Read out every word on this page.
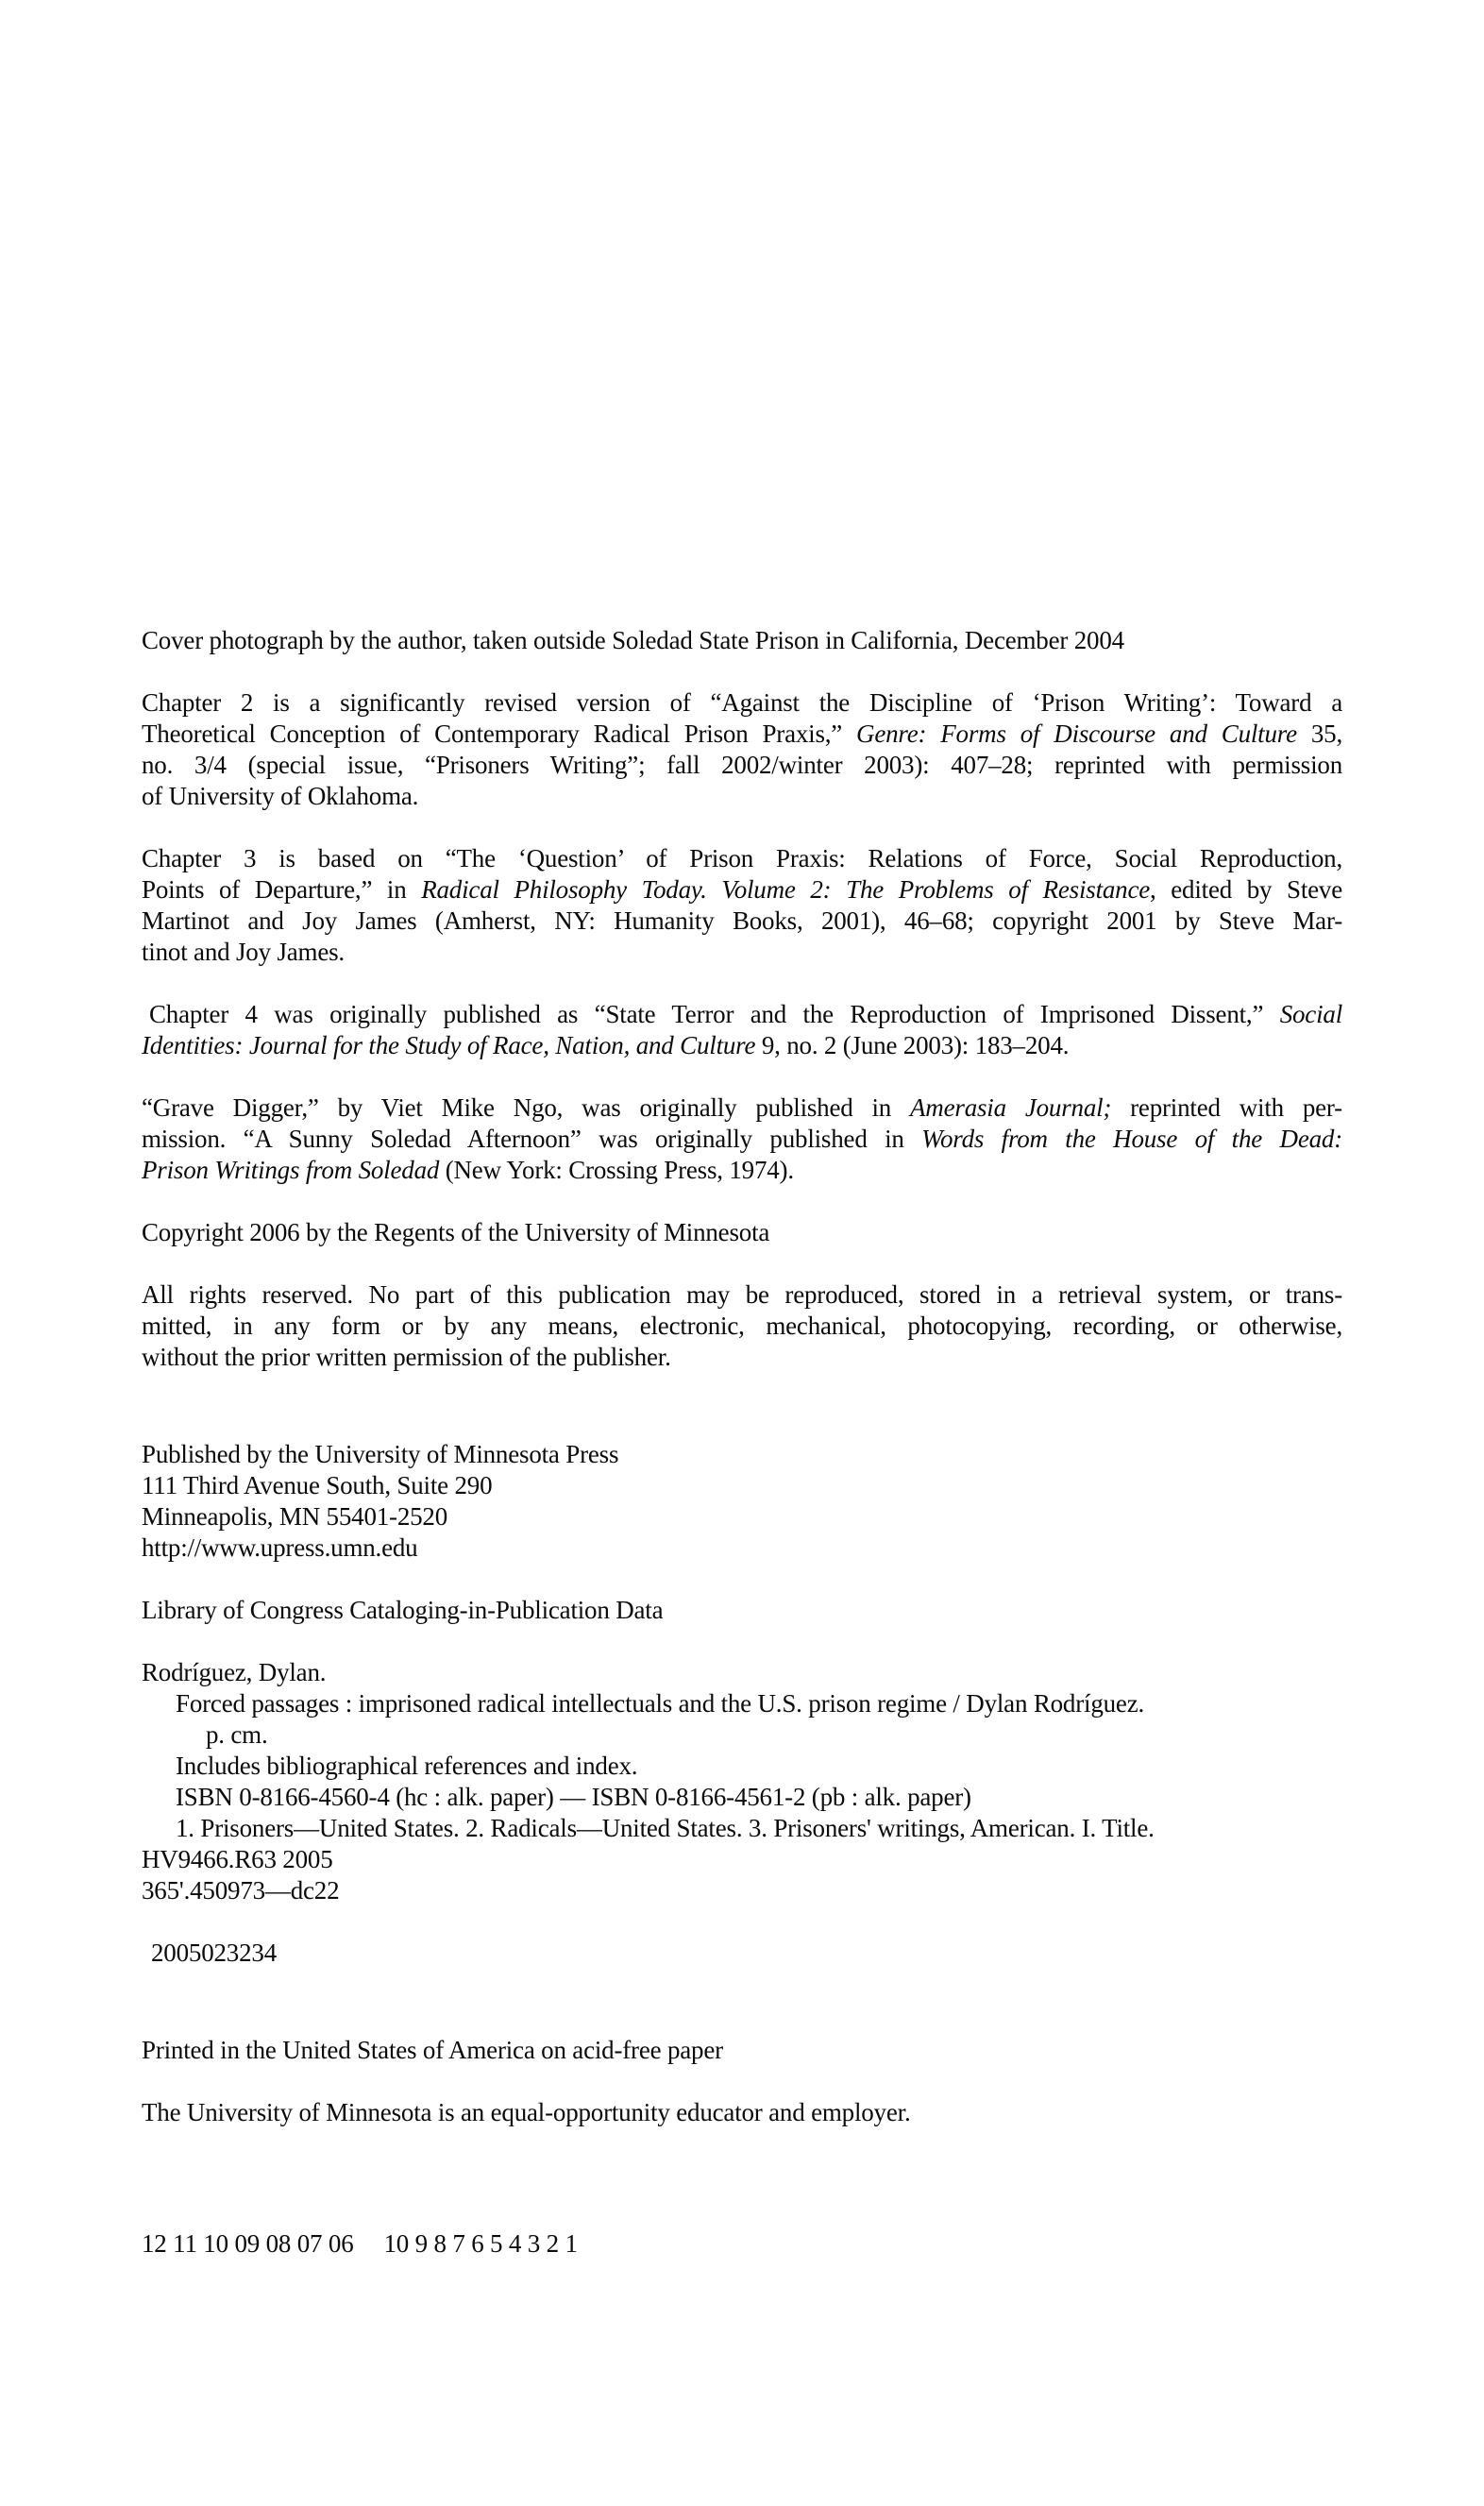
Cover photograph by the author, taken outside Soledad State Prison in California, December 2004
Chapter 2 is a significantly revised version of “Against the Discipline of ‘Prison Writing’: Toward a
Theoretical Conception of Contemporary Radical Prison Praxis,” Genre: Forms of Discourse and Culture 35,
no. 3/4 (special issue, “Prisoners Writing”; fall 2002/winter 2003): 407–28; reprinted with permission
of University of Oklahoma.
Chapter 3 is based on “The ‘Question’ of Prison Praxis: Relations of Force, Social Reproduction,
Points of Departure,” in Radical Philosophy Today. Volume 2: The Problems of Resistance, edited by Steve
Martinot and Joy James (Amherst, NY: Humanity Books, 2001), 46–68; copyright 2001 by Steve Mar-
tinot and Joy James.
Chapter 4 was originally published as “State Terror and the Reproduction of Imprisoned Dissent,” Social
Identities: Journal for the Study of Race, Nation, and Culture 9, no. 2 (June 2003): 183–204.
“Grave Digger,” by Viet Mike Ngo, was originally published in Amerasia Journal; reprinted with per-
mission. “A Sunny Soledad Afternoon” was originally published in Words from the House of the Dead:
Prison Writings from Soledad (New York: Crossing Press, 1974).
Copyright 2006 by the Regents of the University of Minnesota
All rights reserved. No part of this publication may be reproduced, stored in a retrieval system, or trans-
mitted, in any form or by any means, electronic, mechanical, photocopying, recording, or otherwise,
without the prior written permission of the publisher.
Published by the University of Minnesota Press
111 Third Avenue South, Suite 290
Minneapolis, MN 55401-2520
http://www.upress.umn.edu
Library of Congress Cataloging-in-Publication Data
Rodríguez, Dylan.
Forced passages : imprisoned radical intellectuals and the U.S. prison regime / Dylan Rodríguez.
p. cm.
Includes bibliographical references and index.
ISBN 0-8166-4560-4 (hc : alk. paper) — ISBN 0-8166-4561-2 (pb : alk. paper)
1. Prisoners—United States. 2. Radicals—United States. 3. Prisoners' writings, American. I. Title.
HV9466.R63 2005
365'.450973—dc22
2005023234
Printed in the United States of America on acid-free paper
The University of Minnesota is an equal-opportunity educator and employer.
12 11 10 09 08 07 06 10 9 8 7 6 5 4 3 2 1
